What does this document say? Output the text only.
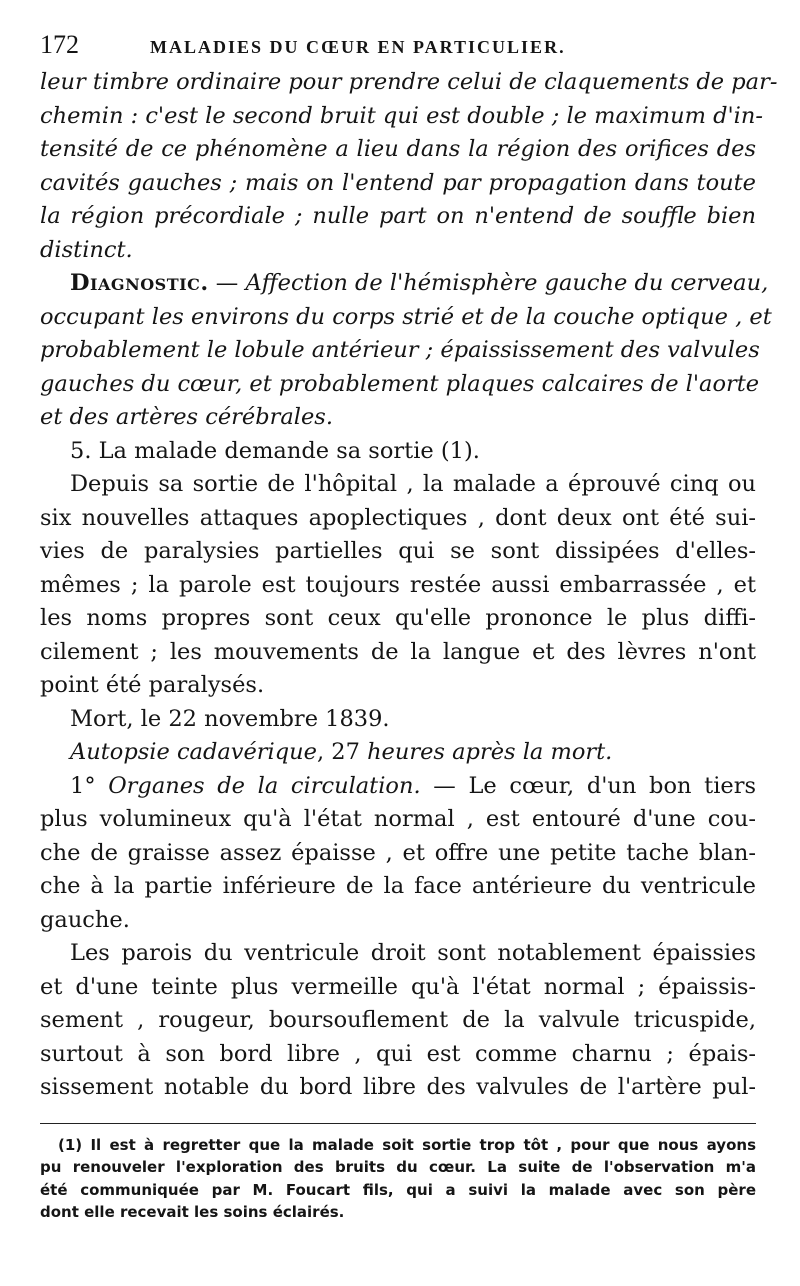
172	MALADIES DU CŒUR EN PARTICULIER.
leur timbre ordinaire pour prendre celui de claquements de par-
chemin : c'est le second bruit qui est double ; le maximum d'in-
tensité de ce phénomène a lieu dans la région des orifices des
cavités gauches ; mais on l'entend par propagation dans toute
la région précordiale ; nulle part on n'entend de souffle bien
distinct.
Diagnostic. — Affection de l'hémisphère gauche du cerveau,
occupant les environs du corps strié et de la couche optique , et
probablement le lobule antérieur ; épaississement des valvules
gauches du cœur, et probablement plaques calcaires de l'aorte
et des artères cérébrales.
5. La malade demande sa sortie (1).
Depuis sa sortie de l'hôpital , la malade a éprouvé cinq ou
six nouvelles attaques apoplectiques , dont deux ont été sui-
vies de paralysies partielles qui se sont dissipées d'elles-
mêmes ; la parole est toujours restée aussi embarrassée , et
les noms propres sont ceux qu'elle prononce le plus diffi-
cilement ; les mouvements de la langue et des lèvres n'ont
point été paralysés.
Mort, le 22 novembre 1839.
Autopsie cadavérique, 27 heures après la mort.
1° Organes de la circulation. — Le cœur, d'un bon tiers
plus volumineux qu'à l'état normal , est entouré d'une cou-
che de graisse assez épaisse , et offre une petite tache blan-
che à la partie inférieure de la face antérieure du ventricule
gauche.
Les parois du ventricule droit sont notablement épaissies
et d'une teinte plus vermeille qu'à l'état normal ; épaissis-
sement , rougeur, boursouflement de la valvule tricuspide,
surtout à son bord libre , qui est comme charnu ; épais-
sissement notable du bord libre des valvules de l'artère pul-
(1) Il est à regretter que la malade soit sortie trop tôt , pour que nous ayons
pu renouveler l'exploration des bruits du cœur. La suite de l'observation m'a
été communiquée par M. Foucart fils, qui a suivi la malade avec son père
dont elle recevait les soins éclairés.
